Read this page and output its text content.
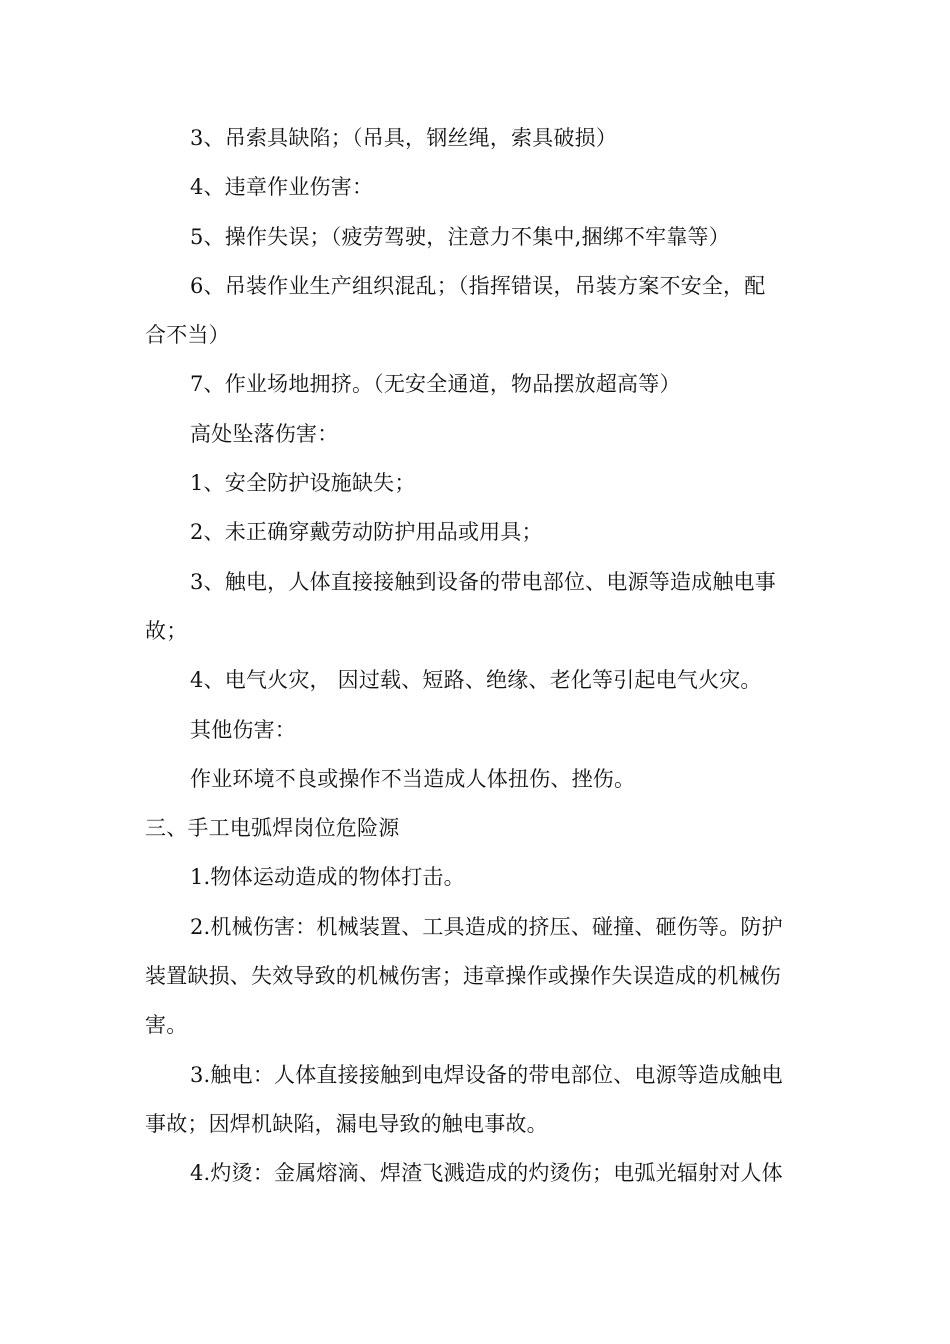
3、吊索具缺陷；（吊具，钢丝绳，索具破损）

4、违章作业伤害：

5、操作失误；（疲劳驾驶，注意力不集中,捆绑不牢靠等）

6、吊装作业生产组织混乱；（指挥错误，吊装方案不安全，配
合不当）

7、作业场地拥挤。（无安全通道，物品摆放超高等）

高处坠落伤害：

1、安全防护设施缺失；

2、未正确穿戴劳动防护用品或用具；

3、触电，人体直接接触到设备的带电部位、电源等造成触电事
故；

4、电气火灾， 因过载、短路、绝缘、老化等引起电气火灾。

其他伤害：

作业环境不良或操作不当造成人体扭伤、挫伤。

三、手工电弧焊岗位危险源

1.物体运动造成的物体打击。

2.机械伤害：机械装置、工具造成的挤压、碰撞、砸伤等。防护
装置缺损、失效导致的机械伤害；违章操作或操作失误造成的机械伤
害。

3.触电：人体直接接触到电焊设备的带电部位、电源等造成触电
事故；因焊机缺陷，漏电导致的触电事故。

4.灼烫：金属熔滴、焊渣飞溅造成的灼烫伤；电弧光辐射对人体
